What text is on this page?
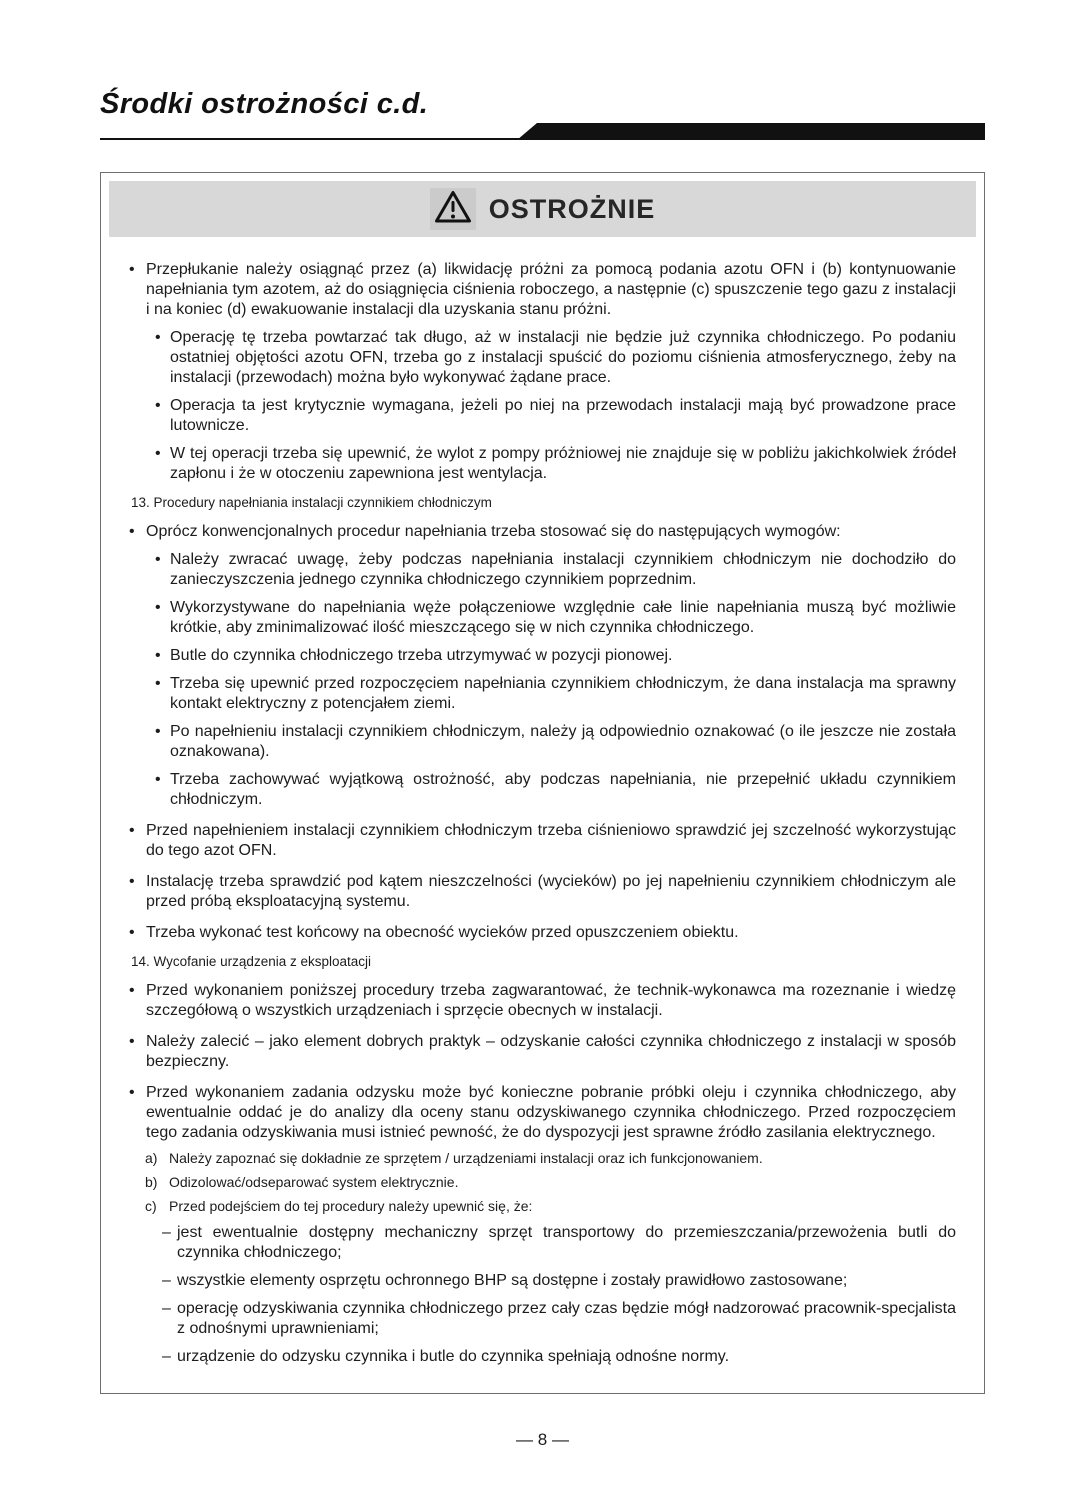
Środki ostrożności c.d.
OSTROŻNIE
• Przepłukanie należy osiągnąć przez (a) likwidację próżni za pomocą podania azotu OFN i (b) kontynuowanie napełniania tym azotem, aż do osiągnięcia ciśnienia roboczego, a następnie (c) spuszczenie tego gazu z instalacji i na koniec (d) ewakuowanie instalacji dla uzyskania stanu próżni.
• Operację tę trzeba powtarzać tak długo, aż w instalacji nie będzie już czynnika chłodniczego. Po podaniu ostatniej objętości azotu OFN, trzeba go z instalacji spuścić do poziomu ciśnienia atmosferycznego, żeby na instalacji (przewodach) można było wykonywać żądane prace.
• Operacja ta jest krytycznie wymagana, jeżeli po niej na przewodach instalacji mają być prowadzone prace lutownicze.
• W tej operacji trzeba się upewnić, że wylot z pompy próżniowej nie znajduje się w pobliżu jakichkolwiek źródeł zapłonu i że w otoczeniu zapewniona jest wentylacja.
13. Procedury napełniania instalacji czynnikiem chłodniczym
• Oprócz konwencjonalnych procedur napełniania trzeba stosować się do następujących wymogów:
• Należy zwracać uwagę, żeby podczas napełniania instalacji czynnikiem chłodniczym nie dochodziło do zanieczyszczenia jednego czynnika chłodniczego czynnikiem poprzednim.
• Wykorzystywane do napełniania węże połączeniowe względnie całe linie napełniania muszą być możliwie krótkie, aby zminimalizować ilość mieszczącego się w nich czynnika chłodniczego.
• Butle do czynnika chłodniczego trzeba utrzymywać w pozycji pionowej.
• Trzeba się upewnić przed rozpoczęciem napełniania czynnikiem chłodniczym, że dana instalacja ma sprawny kontakt elektryczny z potencjałem ziemi.
• Po napełnieniu instalacji czynnikiem chłodniczym, należy ją odpowiednio oznakować (o ile jeszcze nie została oznakowana).
• Trzeba zachowywać wyjątkową ostrożność, aby podczas napełniania, nie przepełnić układu czynnikiem chłodniczym.
• Przed napełnieniem instalacji czynnikiem chłodniczym trzeba ciśnieniowo sprawdzić jej szczelność wykorzystując do tego azot OFN.
• Instalację trzeba sprawdzić pod kątem nieszczelności (wycieków) po jej napełnieniu czynnikiem chłodniczym ale przed próbą eksploatacyjną systemu.
• Trzeba wykonać test końcowy na obecność wycieków przed opuszczeniem obiektu.
14. Wycofanie urządzenia z eksploatacji
• Przed wykonaniem poniższej procedury trzeba zagwarantować, że technik-wykonawca ma rozeznanie i wiedzę szczegółową o wszystkich urządzeniach i sprzęcie obecnych w instalacji.
• Należy zalecić – jako element dobrych praktyk – odzyskanie całości czynnika chłodniczego z instalacji w sposób bezpieczny.
• Przed wykonaniem zadania odzysku może być konieczne pobranie próbki oleju i czynnika chłodniczego, aby ewentualnie oddać je do analizy dla oceny stanu odzyskiwanego czynnika chłodniczego. Przed rozpoczęciem tego zadania odzyskiwania musi istnieć pewność, że do dyspozycji jest sprawne źródło zasilania elektrycznego.
a) Należy zapoznać się dokładnie ze sprzętem / urządzeniami instalacji oraz ich funkcjonowaniem.
b) Odizolować/odseparować system elektrycznie.
c) Przed podejściem do tej procedury należy upewnić się, że:
– jest ewentualnie dostępny mechaniczny sprzęt transportowy do przemieszczania/przewożenia butli do czynnika chłodniczego;
– wszystkie elementy osprzętu ochronnego BHP są dostępne i zostały prawidłowo zastosowane;
– operację odzyskiwania czynnika chłodniczego przez cały czas będzie mógł nadzorować pracownik-specjalista z odnośnymi uprawnieniami;
– urządzenie do odzysku czynnika i butle do czynnika spełniają odnośne normy.
— 8 —
